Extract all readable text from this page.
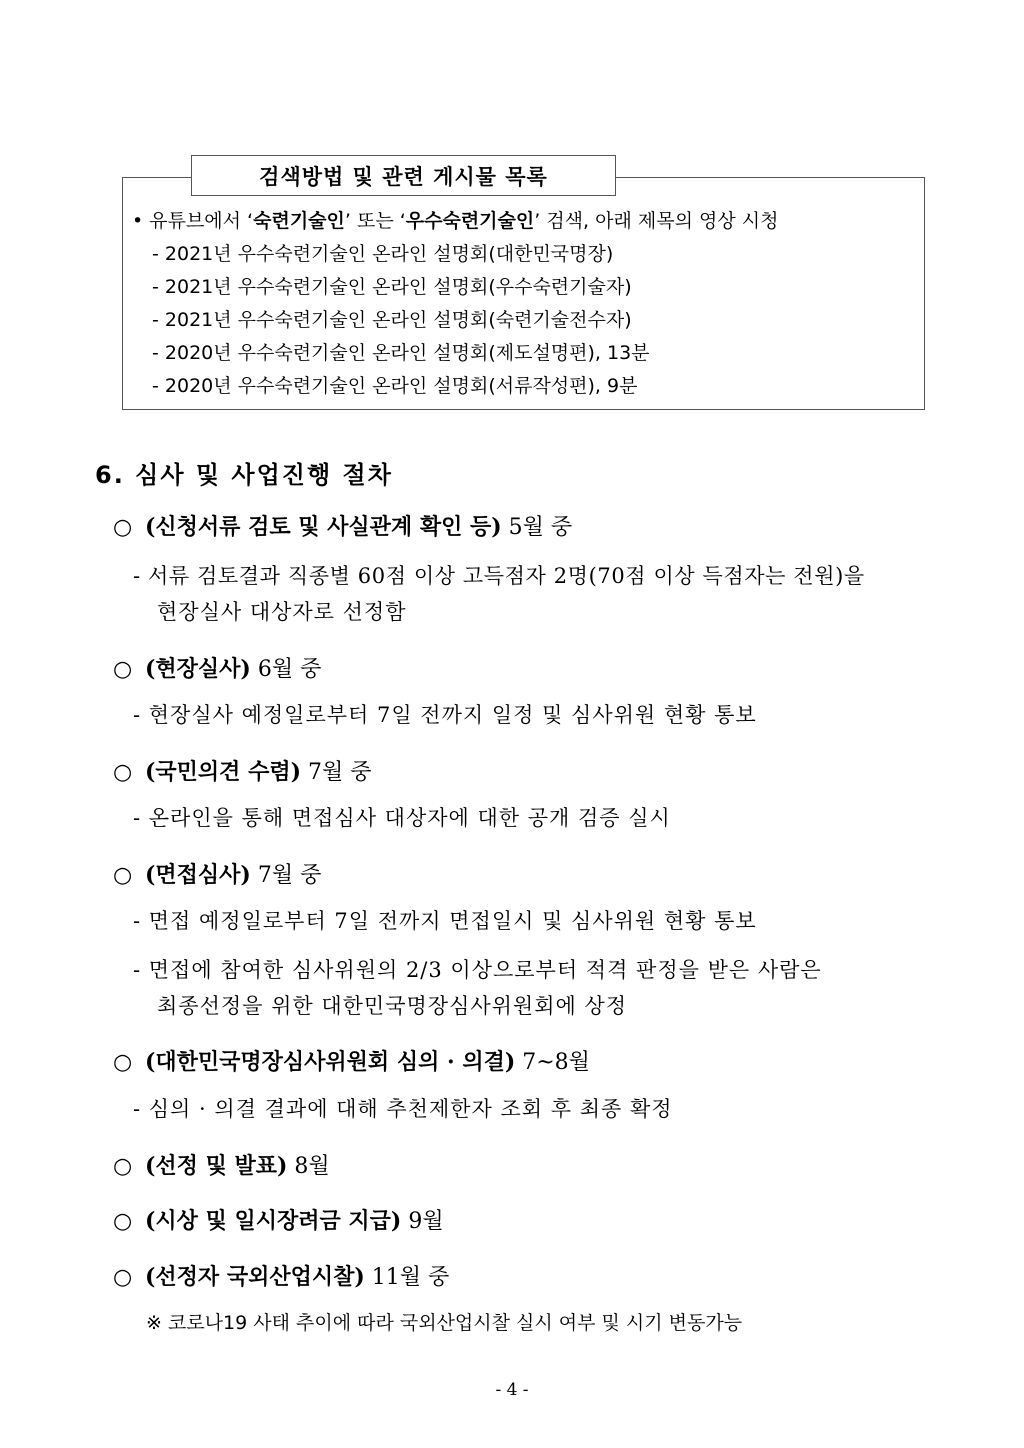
검색방법 및 관련 게시물 목록
• 유튜브에서 ‘숙련기술인’ 또는 ‘우수숙련기술인’ 검색, 아래 제목의 영상 시청
- 2021년 우수숙련기술인 온라인 설명회(대한민국명장)
- 2021년 우수숙련기술인 온라인 설명회(우수숙련기술자)
- 2021년 우수숙련기술인 온라인 설명회(숙련기술전수자)
- 2020년 우수숙련기술인 온라인 설명회(제도설명편), 13분
- 2020년 우수숙련기술인 온라인 설명회(서류작성편), 9분
6. 심사 및 사업진행 절차
○ (신청서류 검토 및 사실관계 확인 등) 5월 중
- 서류 검토결과 직종별 60점 이상 고득점자 2명(70점 이상 득점자는 전원)을
현장실사 대상자로 선정함
○ (현장실사) 6월 중
- 현장실사 예정일로부터 7일 전까지 일정 및 심사위원 현황 통보
○ (국민의견 수렴) 7월 중
- 온라인을 통해 면접심사 대상자에 대한 공개 검증 실시
○ (면접심사) 7월 중
- 면접 예정일로부터 7일 전까지 면접일시 및 심사위원 현황 통보
- 면접에 참여한 심사위원의 2/3 이상으로부터 적격 판정을 받은 사람은
최종선정을 위한 대한민국명장심사위원회에 상정
○ (대한민국명장심사위원회 심의 · 의결) 7~8월
- 심의 · 의결 결과에 대해 추천제한자 조회 후 최종 확정
○ (선정 및 발표) 8월
○ (시상 및 일시장려금 지급) 9월
○ (선정자 국외산업시찰) 11월 중
※ 코로나19 사태 추이에 따라 국외산업시찰 실시 여부 및 시기 변동가능
- 4 -
